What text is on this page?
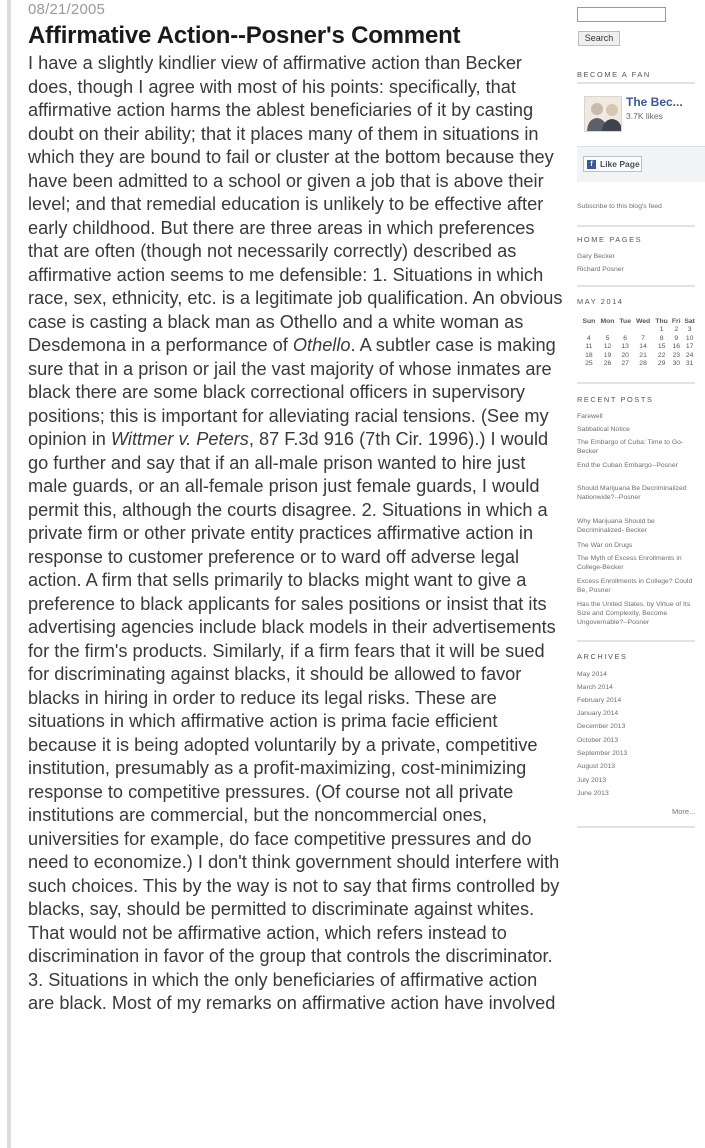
08/21/2005
Affirmative Action--Posner's Comment
I have a slightly kindlier view of affirmative action than Becker does, though I agree with most of his points: specifically, that affirmative action harms the ablest beneficiaries of it by casting doubt on their ability; that it places many of them in situations in which they are bound to fail or cluster at the bottom because they have been admitted to a school or given a job that is above their level; and that remedial education is unlikely to be effective after early childhood. But there are three areas in which preferences that are often (though not necessarily correctly) described as affirmative action seems to me defensible: 1. Situations in which race, sex, ethnicity, etc. is a legitimate job qualification. An obvious case is casting a black man as Othello and a white woman as Desdemona in a performance of Othello. A subtler case is making sure that in a prison or jail the vast majority of whose inmates are black there are some black correctional officers in supervisory positions; this is important for alleviating racial tensions. (See my opinion in Wittmer v. Peters, 87 F.3d 916 (7th Cir. 1996).) I would go further and say that if an all-male prison wanted to hire just male guards, or an all-female prison just female guards, I would permit this, although the courts disagree. 2. Situations in which a private firm or other private entity practices affirmative action in response to customer preference or to ward off adverse legal action. A firm that sells primarily to blacks might want to give a preference to black applicants for sales positions or insist that its advertising agencies include black models in their advertisements for the firm's products. Similarly, if a firm fears that it will be sued for discriminating against blacks, it should be allowed to favor blacks in hiring in order to reduce its legal risks. These are situations in which affirmative action is prima facie efficient because it is being adopted voluntarily by a private, competitive institution, presumably as a profit-maximizing, cost-minimizing response to competitive pressures. (Of course not all private institutions are commercial, but the noncommercial ones, universities for example, do face competitive pressures and do need to economize.) I don't think government should interfere with such choices. This by the way is not to say that firms controlled by blacks, say, should be permitted to discriminate against whites. That would not be affirmative action, which refers instead to discrimination in favor of the group that controls the discriminator. 3. Situations in which the only beneficiaries of affirmative action are black. Most of my remarks on affirmative action have involved
Search
BECOME A FAN
The Bec...
3.7K likes
f Like Page
Subscribe to this blog's feed
HOME PAGES
Gary Becker
Richard Posner
MAY 2014
Sun	Mon	Tue	Wed	Thu	Fri	Sat
				1	2	3
4	5	6	7	8	9	10
11	12	13	14	15	16	17
18	19	20	21	22	23	24
25	26	27	28	29	30	31
RECENT POSTS
Farewell
Sabbatical Notice
The Embargo of Cuba: Time to Go- Becker
End the Cuban Embargo--Posner
Should Marijuana Be Decriminalized Nationwide?--Posner
Why Marijuana Should be Decriminalized- Becker
The War on Drugs
The Myth of Excess Enrollments in College-Becker
Excess Enrollments in College? Could Be, Posner
Has the United States, by Virtue of Its Size and Complexity, Become Ungovernable?--Posner
ARCHIVES
May 2014
March 2014
February 2014
January 2014
December 2013
October 2013
September 2013
August 2013
July 2013
June 2013
More...
